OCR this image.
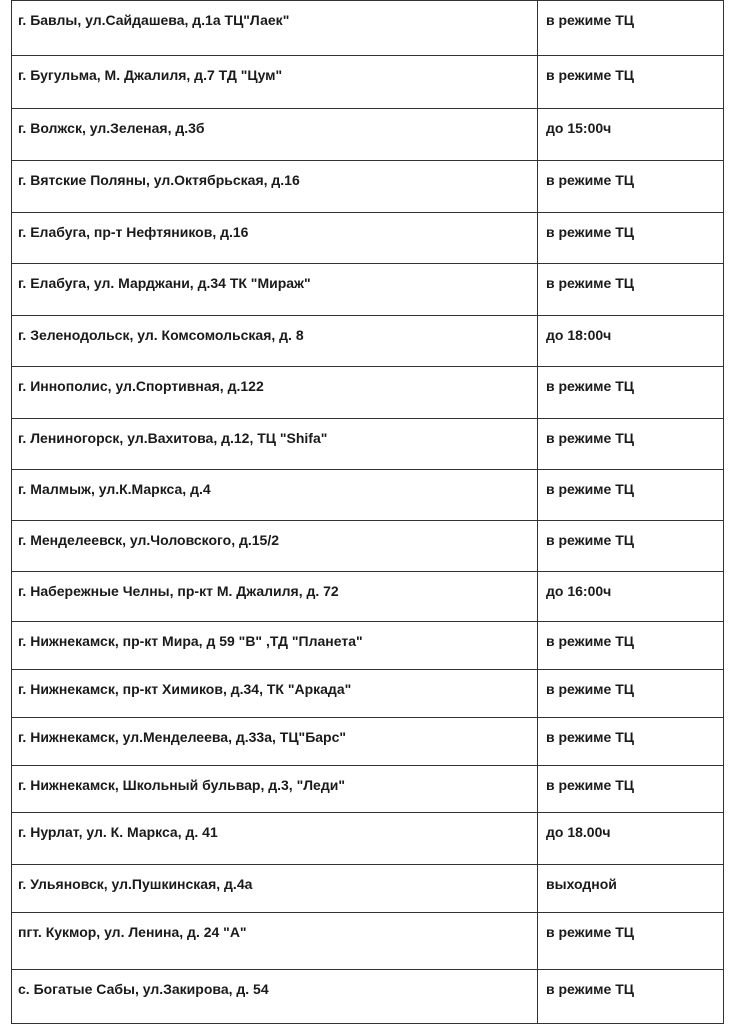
г. Бавлы, ул.Сайдашева, д.1а ТЦ"Лаек"	в режиме ТЦ
г. Бугульма, М. Джалиля, д.7 ТД "Цум"	в режиме ТЦ
г. Волжск, ул.Зеленая, д.3б	до 15:00ч
г. Вятские Поляны, ул.Октябрьская, д.16	в режиме ТЦ
г. Елабуга, пр-т Нефтяников, д.16	в режиме ТЦ
г. Елабуга, ул. Марджани, д.34 ТК "Мираж"	в режиме ТЦ
г. Зеленодольск, ул. Комсомольская, д. 8	до 18:00ч
г. Иннополис, ул.Спортивная, д.122	в режиме ТЦ
г. Лениногорск, ул.Вахитова, д.12, ТЦ "Shifa"	в режиме ТЦ
г. Малмыж, ул.К.Маркса, д.4	в режиме ТЦ
г. Менделеевск, ул.Чоловского, д.15/2	в режиме ТЦ
г. Набережные Челны, пр-кт М. Джалиля, д. 72	до 16:00ч
г. Нижнекамск, пр-кт Мира, д 59 "В" ,ТД "Планета"	в режиме ТЦ
г. Нижнекамск, пр-кт Химиков, д.34, ТК "Аркада"	в режиме ТЦ
г. Нижнекамск, ул.Менделеева, д.33а, ТЦ"Барс"	в режиме ТЦ
г. Нижнекамск, Школьный бульвар, д.3, "Леди"	в режиме ТЦ
г. Нурлат, ул. К. Маркса, д. 41	до 18.00ч
г. Ульяновск, ул.Пушкинская, д.4а	выходной
пгт. Кукмор, ул. Ленина, д. 24 "А"	в режиме ТЦ
с. Богатые Сабы, ул.Закирова, д. 54	в режиме ТЦ
